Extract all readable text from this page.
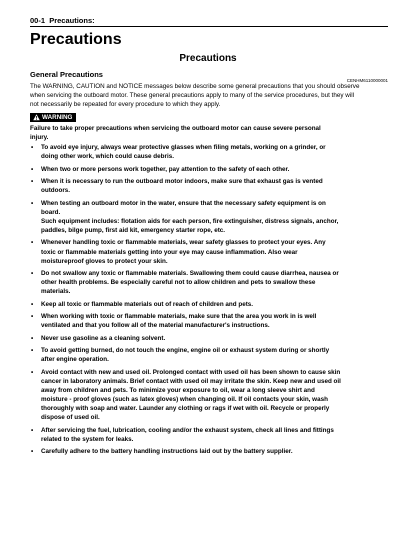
00-1 Precautions:
Precautions
Precautions
General Precautions
CENHM6110000001

The WARNING, CAUTION and NOTICE messages below describe some general precautions that you should observe
when servicing the outboard motor. These general precautions apply to many of the service procedures, but they will
not necessarily be repeated for every procedure to which they apply.

WARNING

Failure to take proper precautions when servicing the outboard motor can cause severe personal
injury.

• To avoid eye injury, always wear protective glasses when filing metals, working on a grinder, or
doing other work, which could cause debris.
• When two or more persons work together, pay attention to the safety of each other.
• When it is necessary to run the outboard motor indoors, make sure that exhaust gas is vented
outdoors.
• When testing an outboard motor in the water, ensure that the necessary safety equipment is on
board.
Such equipment includes: flotation aids for each person, fire extinguisher, distress signals, anchor,
paddles, bilge pump, first aid kit, emergency starter rope, etc.
• Whenever handling toxic or flammable materials, wear safety glasses to protect your eyes. Any
toxic or flammable materials getting into your eye may cause inflammation. Also wear
moistureproof gloves to protect your skin.
• Do not swallow any toxic or flammable materials. Swallowing them could cause diarrhea, nausea or
other health problems. Be especially careful not to allow children and pets to swallow these
materials.
• Keep all toxic or flammable materials out of reach of children and pets.
• When working with toxic or flammable materials, make sure that the area you work in is well
ventilated and that you follow all of the material manufacturer's instructions.
• Never use gasoline as a cleaning solvent.
• To avoid getting burned, do not touch the engine, engine oil or exhaust system during or shortly
after engine operation.
• Avoid contact with new and used oil. Prolonged contact with used oil has been shown to cause skin
cancer in laboratory animals. Brief contact with used oil may irritate the skin. Keep new and used oil
away from children and pets. To minimize your exposure to oil, wear a long sleeve shirt and
moisture - proof gloves (such as latex gloves) when changing oil. If oil contacts your skin, wash
thoroughly with soap and water. Launder any clothing or rags if wet with oil. Recycle or properly
dispose of used oil.
• After servicing the fuel, lubrication, cooling and/or the exhaust system, check all lines and fittings
related to the system for leaks.
• Carefully adhere to the battery handling instructions laid out by the battery supplier.
